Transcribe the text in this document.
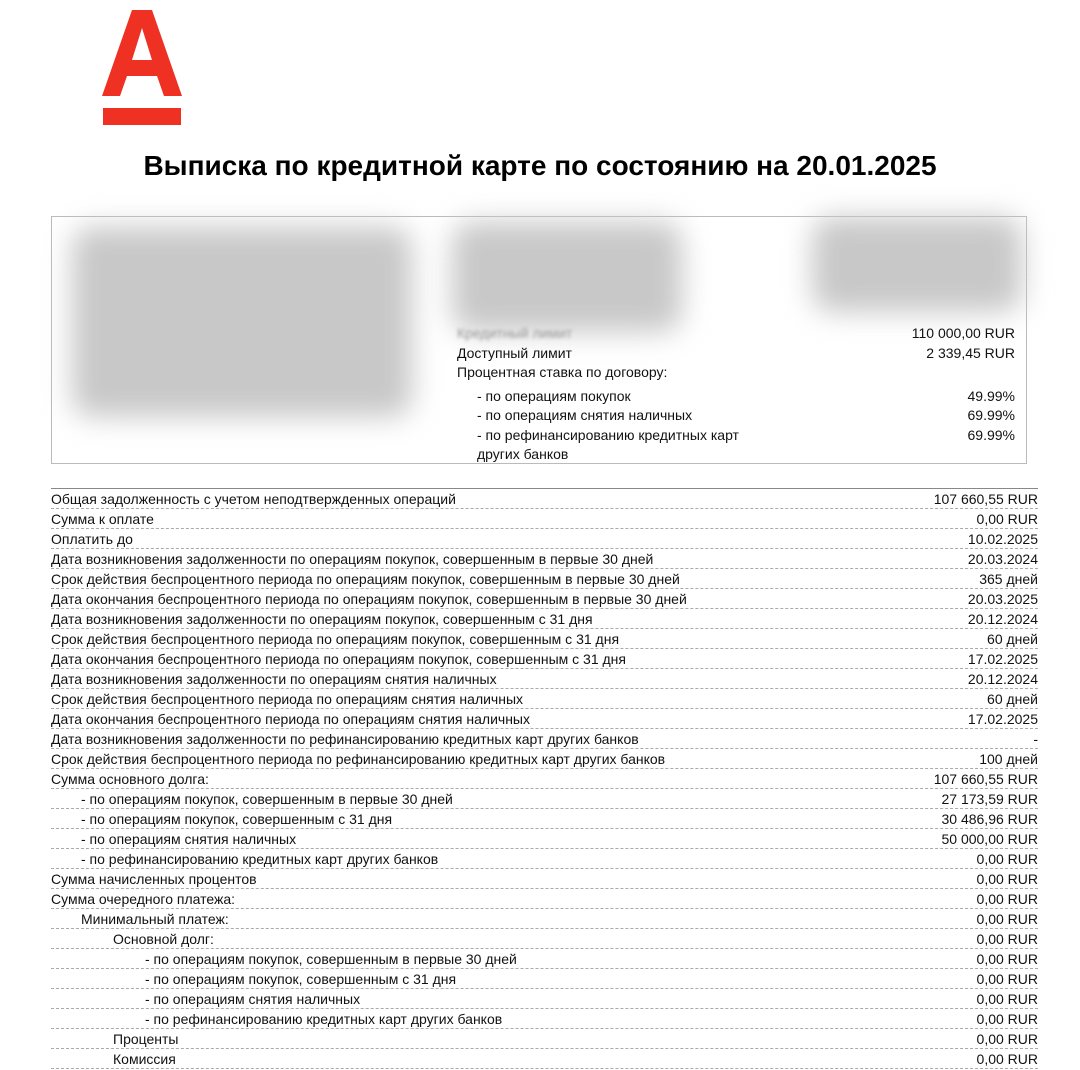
Выписка по кредитной карте по состоянию на 20.01.2025
Кредитный лимит	110 000,00 RUR
Доступный лимит	2 339,45 RUR
Процентная ставка по договору:
- по операциям покупок	49.99%
- по операциям снятия наличных	69.99%
- по рефинансированию кредитных карт	69.99%
других банков
Общая задолженность с учетом неподтвержденных операций	107 660,55 RUR
Сумма к оплате	0,00 RUR
Оплатить до	10.02.2025
Дата возникновения задолженности по операциям покупок, совершенным в первые 30 дней	20.03.2024
Срок действия беспроцентного периода по операциям покупок, совершенным в первые 30 дней	365 дней
Дата окончания беспроцентного периода по операциям покупок, совершенным в первые 30 дней	20.03.2025
Дата возникновения задолженности по операциям покупок, совершенным с 31 дня	20.12.2024
Срок действия беспроцентного периода по операциям покупок, совершенным с 31 дня	60 дней
Дата окончания беспроцентного периода по операциям покупок, совершенным с 31 дня	17.02.2025
Дата возникновения задолженности по операциям снятия наличных	20.12.2024
Срок действия беспроцентного периода по операциям снятия наличных	60 дней
Дата окончания беспроцентного периода по операциям снятия наличных	17.02.2025
Дата возникновения задолженности по рефинансированию кредитных карт других банков	-
Срок действия беспроцентного периода по рефинансированию кредитных карт других банков	100 дней
Сумма основного долга:	107 660,55 RUR
- по операциям покупок, совершенным в первые 30 дней	27 173,59 RUR
- по операциям покупок, совершенным с 31 дня	30 486,96 RUR
- по операциям снятия наличных	50 000,00 RUR
- по рефинансированию кредитных карт других банков	0,00 RUR
Сумма начисленных процентов	0,00 RUR
Сумма очередного платежа:	0,00 RUR
Минимальный платеж:	0,00 RUR
Основной долг:	0,00 RUR
- по операциям покупок, совершенным в первые 30 дней	0,00 RUR
- по операциям покупок, совершенным с 31 дня	0,00 RUR
- по операциям снятия наличных	0,00 RUR
- по рефинансированию кредитных карт других банков	0,00 RUR
Проценты	0,00 RUR
Комиссия	0,00 RUR
